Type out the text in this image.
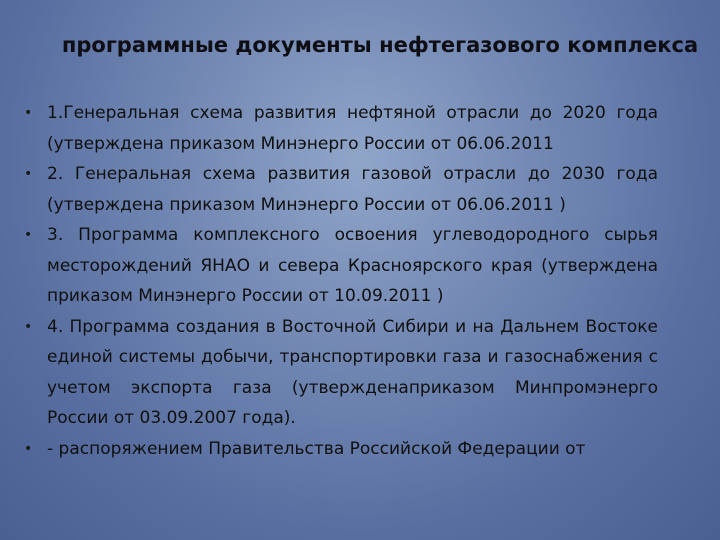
программные документы нефтегазового комплекса
• 1.Генеральная схема развития нефтяной отрасли до 2020 года (утверждена приказом Минэнерго России от 06.06.2011
• 2. Генеральная схема развития газовой отрасли до 2030 года (утверждена приказом Минэнерго России от 06.06.2011 )
• 3. Программа комплексного освоения углеводородного сырья месторождений ЯНАО и севера Красноярского края (утверждена приказом Минэнерго России от 10.09.2011 )
• 4. Программа создания в Восточной Сибири и на Дальнем Востоке единой системы добычи, транспортировки газа и газоснабжения с учетом экспорта газа (утвержденаприказом Минпромэнерго России от 03.09.2007 года).
• - распоряжением Правительства Российской Федерации от
